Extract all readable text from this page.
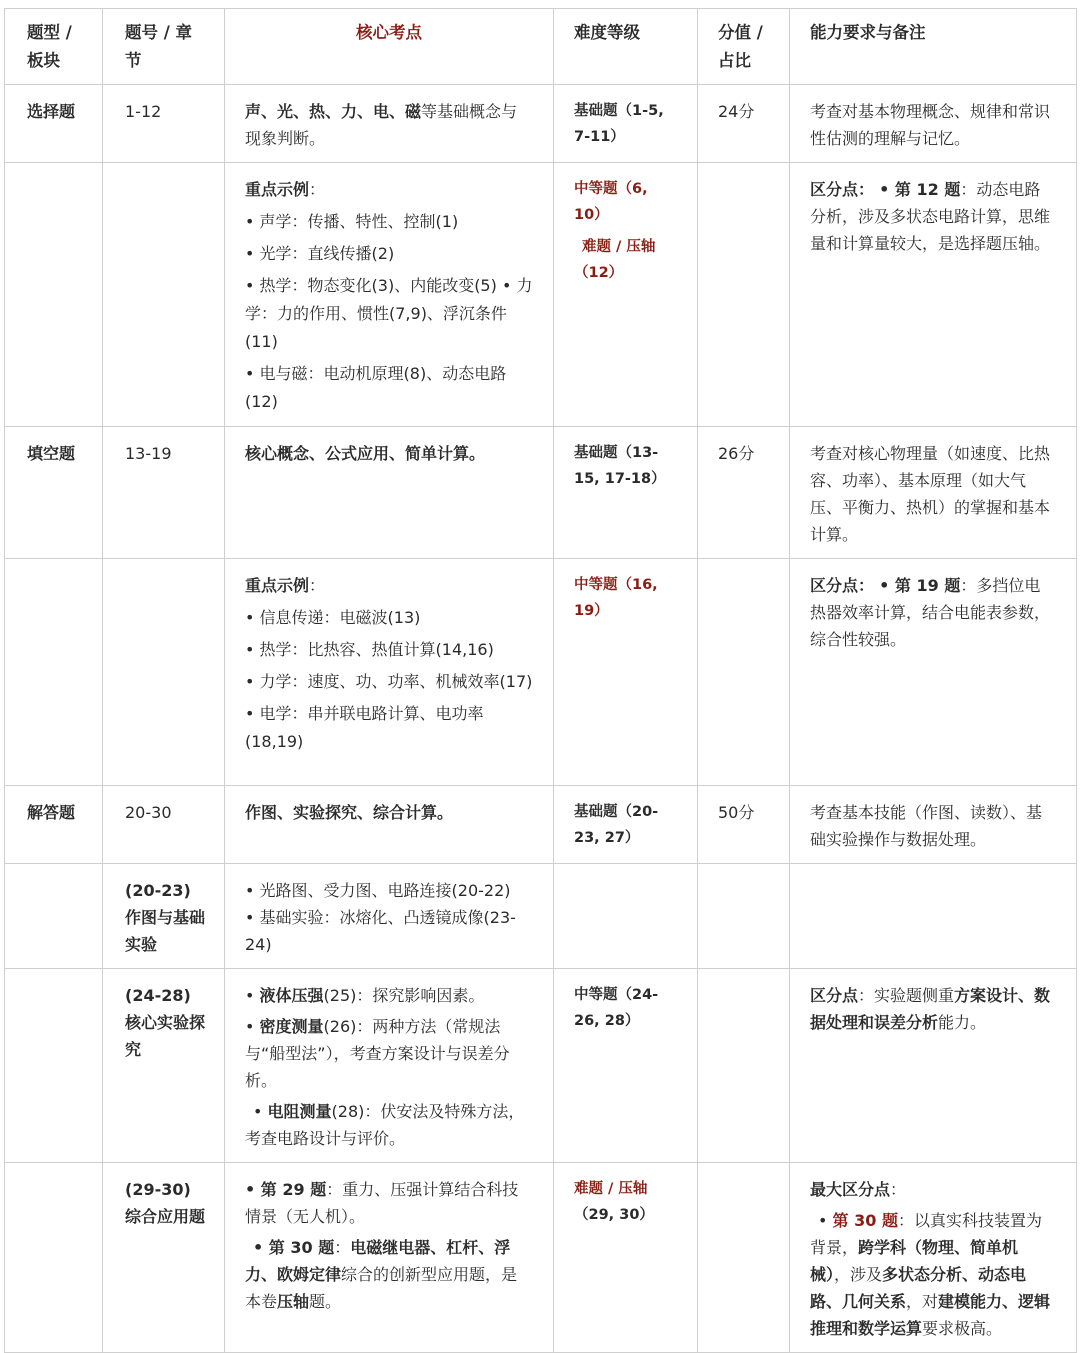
题型 /
板块	题号 / 章
节	核心考点	难度等级	分值 /
占比	能力要求与备注
选择题	1-12	声、光、热、力、电、磁等基础概念与现象判断。	基础题（1-5, 7-11）	24分	考查对基本物理概念、规律和常识性估测的理解与记忆。

		重点示例：
• 声学：传播、特性、控制(1)
• 光学：直线传播(2)
• 热学：物态变化(3)、内能改变(5) • 力学：力的作用、惯性(7,9)、浮沉条件(11)
• 电与磁：电动机原理(8)、动态电路(12)	中等题（6, 10）
难题 / 压轴
（12）		区分点： • 第 12 题：动态电路分析，涉及多状态电路计算，思维量和计算量较大，是选择题压轴。
填空题	13-19	核心概念、公式应用、简单计算。	基础题（13-15, 17-18）	26分	考查对核心物理量（如速度、比热容、功率）、基本原理（如大气压、平衡力、热机）的掌握和基本计算。

		重点示例：
• 信息传递：电磁波(13)
• 热学：比热容、热值计算(14,16)
• 力学：速度、功、功率、机械效率(17)
• 电学：串并联电路计算、电功率(18,19)	中等题（16, 19）		区分点： • 第 19 题：多挡位电热器效率计算，结合电能表参数，综合性较强。
解答题	20-30	作图、实验探究、综合计算。	基础题（20-23, 27）	50分	考查基本技能（作图、读数）、基础实验操作与数据处理。
	(20-23)
作图与基础实验	• 光路图、受力图、电路连接(20-22)
• 基础实验：冰熔化、凸透镜成像(23-24)			

	(24-28)
核心实验探究	• 液体压强(25)：探究影响因素。
• 密度测量(26)：两种方法（常规法与“船型法”），考查方案设计与误差分析。
• 电阻测量(28)：伏安法及特殊方法，考查电路设计与评价。	中等题（24-26, 28）		区分点：实验题侧重方案设计、数据处理和误差分析能力。
	(29-30)
综合应用题	• 第 29 题：重力、压强计算结合科技情景（无人机）。
• 第 30 题：电磁继电器、杠杆、浮力、欧姆定律综合的创新型应用题，是本卷压轴题。	难题 / 压轴
（29, 30）		最大区分点：
• 第 30 题：以真实科技装置为背景，跨学科（物理、简单机械），涉及多状态分析、动态电路、几何关系，对建模能力、逻辑推理和数学运算要求极高。
